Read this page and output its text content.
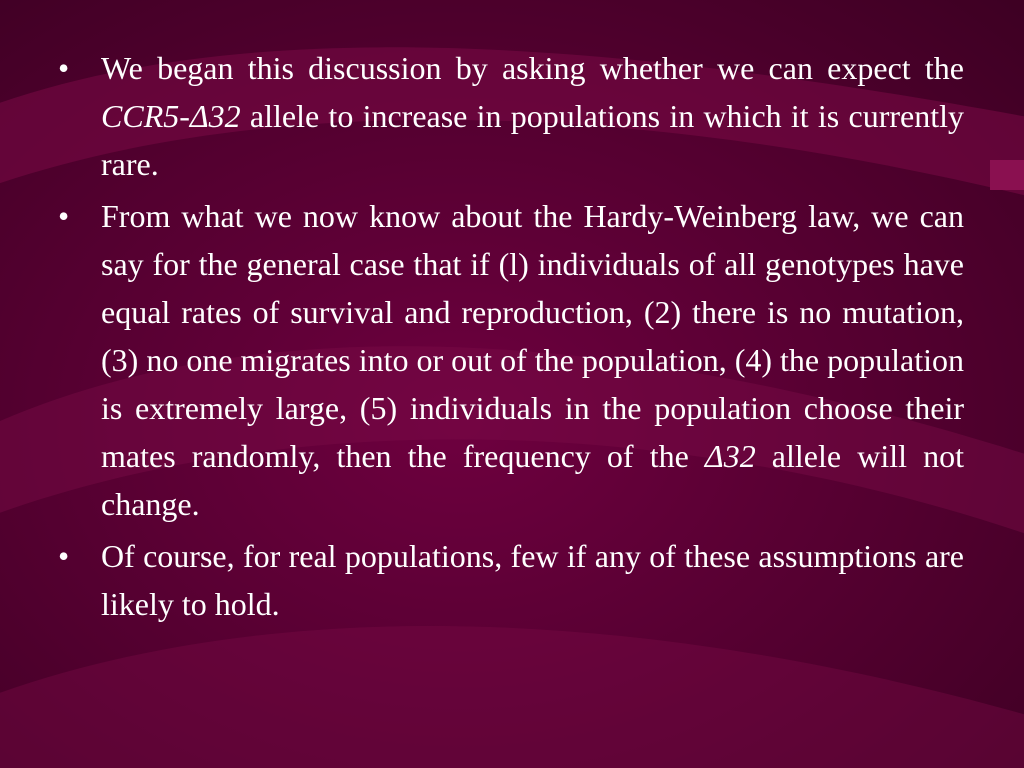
• We began this discussion by asking whether we can expect the CCR5-Δ32 allele to increase in populations in which it is currently rare.
• From what we now know about the Hardy-Weinberg law, we can say for the general case that if (l) individuals of all genotypes have equal rates of survival and reproduction, (2) there is no mutation, (3) no one migrates into or out of the population, (4) the population is extremely large, (5) individuals in the population choose their mates randomly, then the frequency of the Δ32 allele will not change.
• Of course, for real populations, few if any of these assumptions are likely to hold.
